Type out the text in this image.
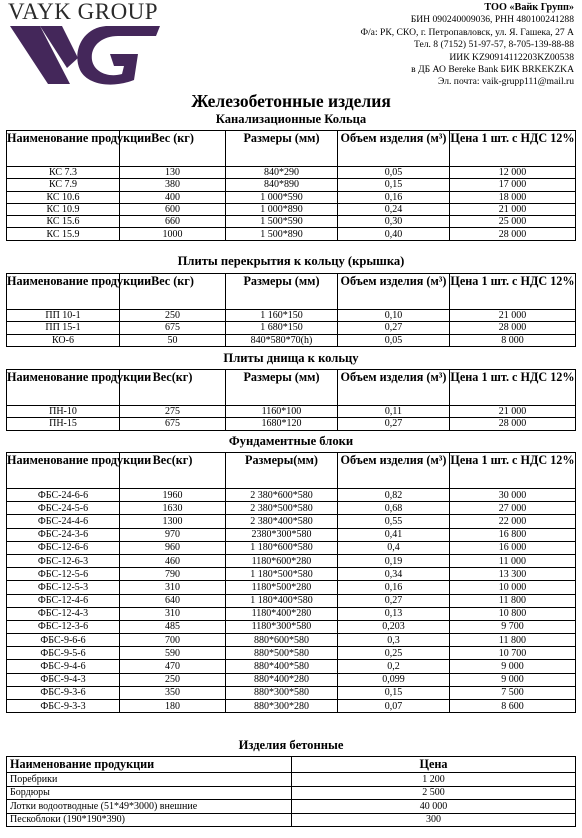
VAYK GROUP	ТОО «Вайк Групп»
БИН 090240009036, РНН 480100241288
Ф/а: РК, СКО, г. Петропавловск, ул. Я. Гашека, 27 А
Тел. 8 (7152) 51-97-57, 8-705-139-88-88
ИИК KZ90914112203KZ00538
в ДБ АО Bereke Bank БИК BRKEKZKA
Эл. почта: vaik-grupp111@mail.ru
Железобетонные изделия
Канализационные Кольца
Плиты перекрытия к кольцу (крышка)
Плиты днища к кольцу
Фундаментные блоки
Изделия бетонные
Наименование продукции	Вес (кг)	Размеры (мм)	Объем изделия (м³)	Цена 1 шт. с НДС 12%
КС 7.3	130	840*290	0,05	12 000
КС 7.9	380	840*890	0,15	17 000
КС 10.6	400	1 000*590	0,16	18 000
КС 10.9	600	1 000*890	0,24	21 000
КС 15.6	660	1 500*590	0,30	25 000
КС 15.9	1000	1 500*890	0,40	28 000
Наименование продукции	Вес (кг)	Размеры (мм)	Объем изделия (м³)	Цена 1 шт. с НДС 12%
ПП 10-1	250	1 160*150	0,10	21 000
ПП 15-1	675	1 680*150	0,27	28 000
КО-6	50	840*580*70(h)	0,05	8 000
Наименование продукции	Вес(кг)	Размеры (мм)	Объем изделия (м³)	Цена 1 шт. с НДС 12%
ПН-10	275	1160*100	0,11	21 000
ПН-15	675	1680*120	0,27	28 000
Наименование продукции	Вес(кг)	Размеры(мм)	Объем изделия (м³)	Цена 1 шт. с НДС 12%
ФБС-24-6-6	1960	2 380*600*580	0,82	30 000
ФБС-24-5-6	1630	2 380*500*580	0,68	27 000
ФБС-24-4-6	1300	2 380*400*580	0,55	22 000
ФБС-24-3-6	970	2380*300*580	0,41	16 800
ФБС-12-6-6	960	1 180*600*580	0,4	16 000
ФБС-12-6-3	460	1180*600*280	0,19	11 000
ФБС-12-5-6	790	1 180*500*580	0,34	13 300
ФБС-12-5-3	310	1180*500*280	0,16	10 000
ФБС-12-4-6	640	1 180*400*580	0,27	11 800
ФБС-12-4-3	310	1180*400*280	0,13	10 800
ФБС-12-3-6	485	1180*300*580	0,203	9 700
ФБС-9-6-6	700	880*600*580	0,3	11 800
ФБС-9-5-6	590	880*500*580	0,25	10 700
ФБС-9-4-6	470	880*400*580	0,2	9 000
ФБС-9-4-3	250	880*400*280	0,099	9 000
ФБС-9-3-6	350	880*300*580	0,15	7 500
ФБС-9-3-3	180	880*300*280	0,07	8 600
Наименование продукции	Цена
Поребрики	1 200
Бордюры	2 500
Лотки водоотводные (51*49*3000) внешние	40 000
Пескоблоки (190*190*390)	300
